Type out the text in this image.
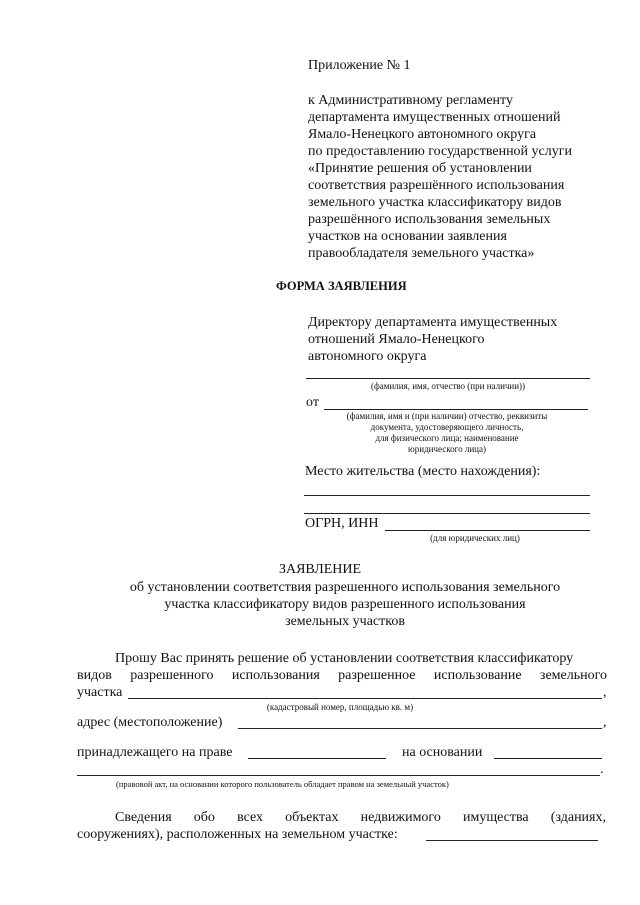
Приложение № 1
к Административному регламенту
департамента имущественных отношений
Ямало-Ненецкого автономного округа
по предоставлению государственной услуги
«Принятие решения об установлении
соответствия разрешённого использования
земельного участка классификатору видов
разрешённого использования земельных
участков на основании заявления
правообладателя земельного участка»
ФОРМА ЗАЯВЛЕНИЯ
Директору департамента имущественных
отношений Ямало-Ненецкого
автономного округа
(фамилия, имя, отчество (при наличии))
от
(фамилия, имя и (при наличии) отчество, реквизиты
документа, удостоверяющего личность,
для физического лица; наименование
юридического лица)
Место жительства (место нахождения):
ОГРН, ИНН
(для юридических лиц)
ЗАЯВЛЕНИЕ
об установлении соответствия разрешенного использования земельного
участка классификатору видов разрешенного использования
земельных участков
Прошу Вас принять решение об установлении соответствия классификатору
видов разрешенного использования разрешенное использование земельного
участка	,
(кадастровый номер, площадью кв. м)
адрес (местоположение)	,
принадлежащего на праве	на основании
.
(правовой акт, на основании которого пользователь обладает правом на земельный участок)
Сведения обо всех объектах недвижимого имущества (зданиях,
сооружениях), расположенных на земельном участке:
